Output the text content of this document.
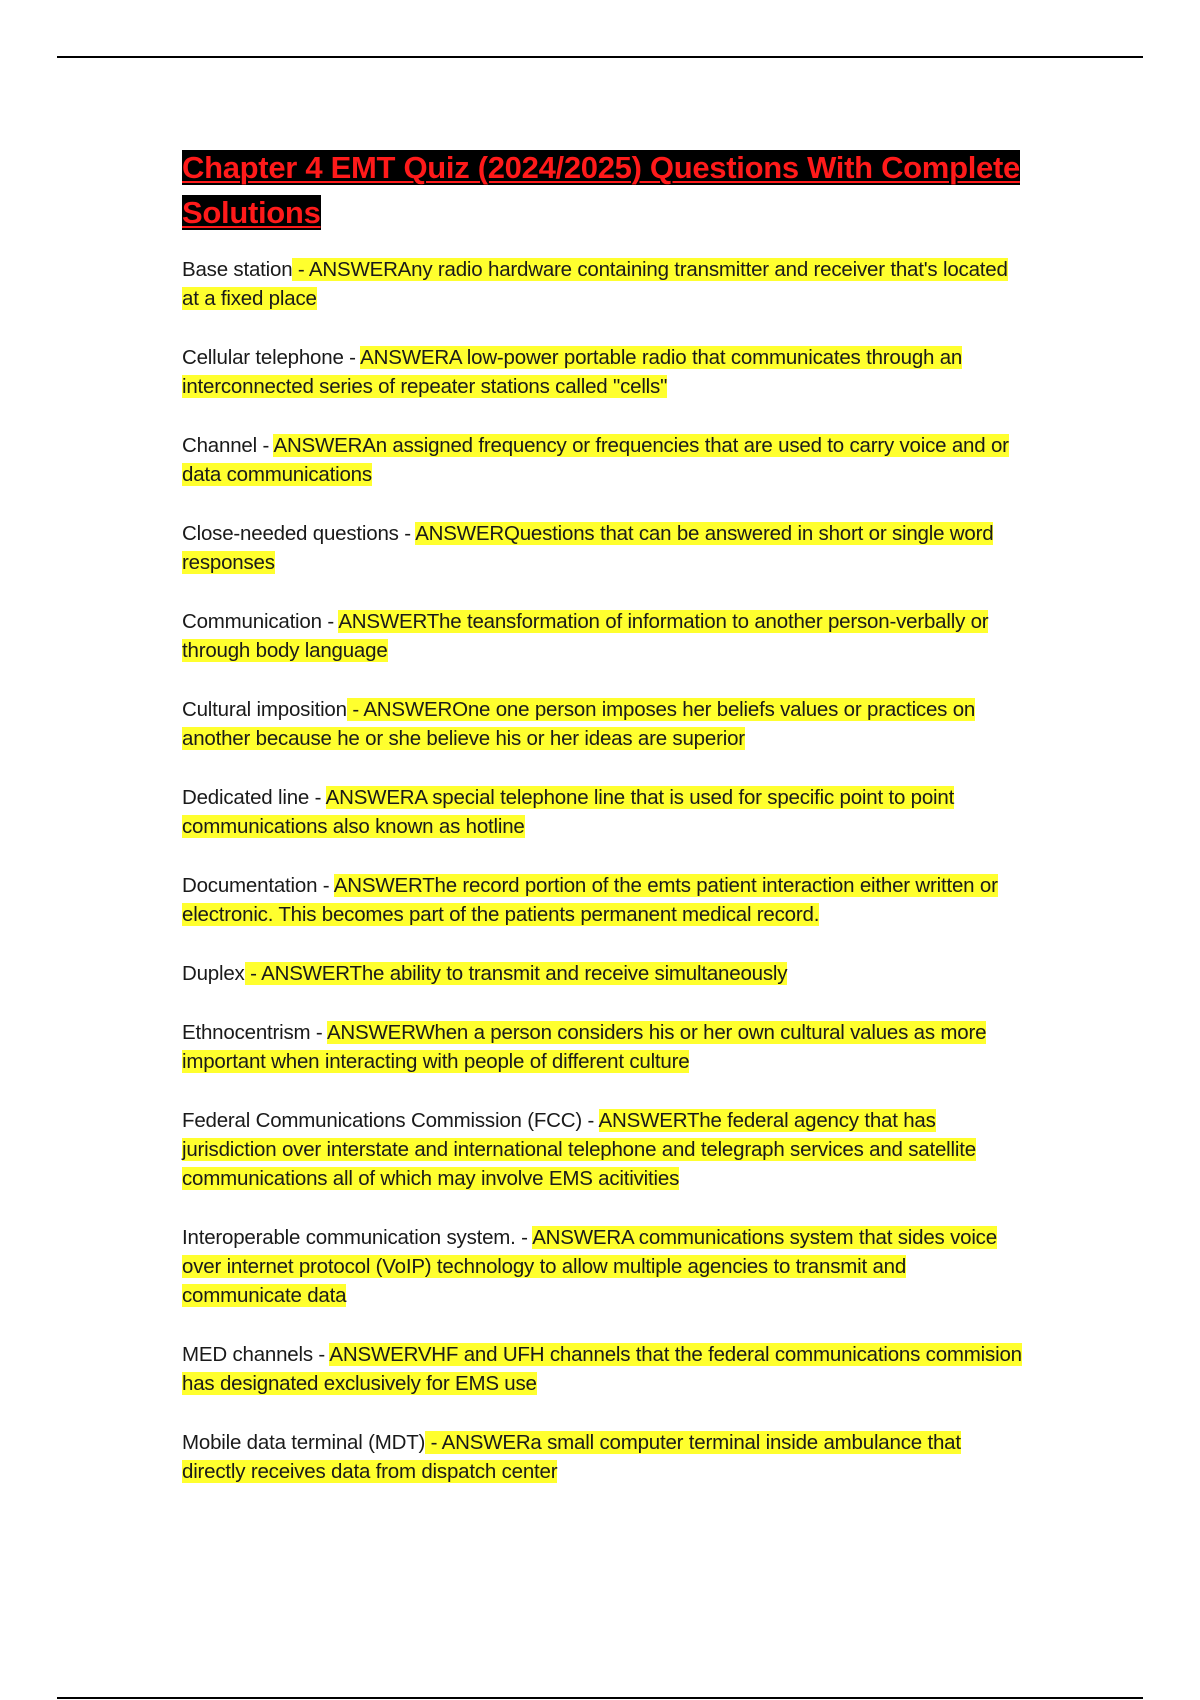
Chapter 4 EMT Quiz (2024/2025) Questions With Complete Solutions

Base station - ANSWERAny radio hardware containing transmitter and receiver that's located at a fixed place

Cellular telephone - ANSWERA low-power portable radio that communicates through an interconnected series of repeater stations called "cells"

Channel - ANSWERAn assigned frequency or frequencies that are used to carry voice and or data communications

Close-needed questions - ANSWERQuestions that can be answered in short or single word responses

Communication - ANSWERThe teansformation of information to another person-verbally or through body language

Cultural imposition - ANSWEROne one person imposes her beliefs values or practices on another because he or she believe his or her ideas are superior

Dedicated line - ANSWERA special telephone line that is used for specific point to point communications also known as hotline

Documentation - ANSWERThe record portion of the emts patient interaction either written or electronic. This becomes part of the patients permanent medical record.

Duplex - ANSWERThe ability to transmit and receive simultaneously

Ethnocentrism - ANSWERWhen a person considers his or her own cultural values as more important when interacting with people of different culture

Federal Communications Commission (FCC) - ANSWERThe federal agency that has jurisdiction over interstate and international telephone and telegraph services and satellite communications all of which may involve EMS acitivities

Interoperable communication system. - ANSWERA communications system that sides voice over internet protocol (VoIP) technology to allow multiple agencies to transmit and communicate data

MED channels - ANSWERVHF and UFH channels that the federal communications commision has designated exclusively for EMS use

Mobile data terminal (MDT) - ANSWERa small computer terminal inside ambulance that directly receives data from dispatch center
